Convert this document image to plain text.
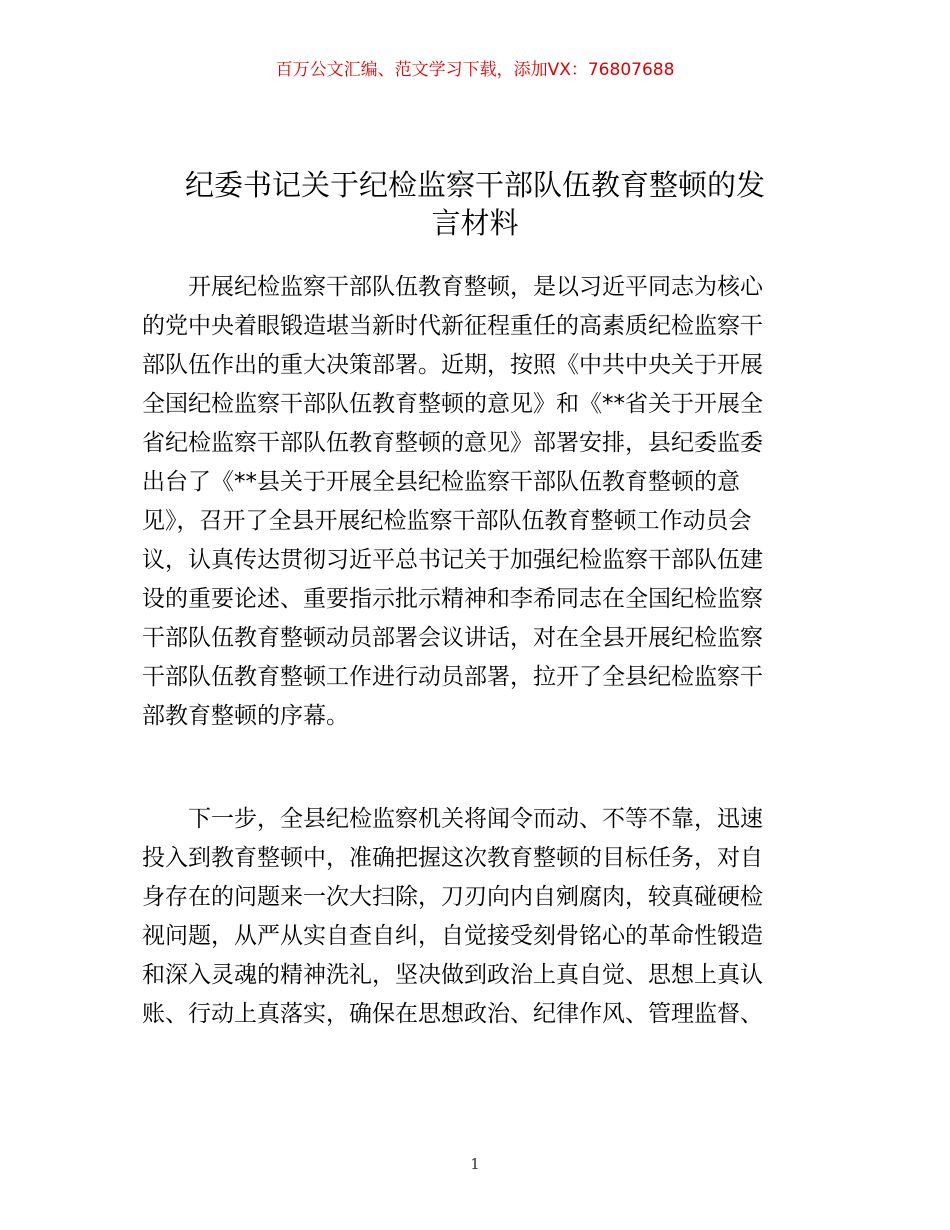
百万公文汇编、范文学习下载，添加VX：76807688
纪委书记关于纪检监察干部队伍教育整顿的发
言材料
　　开展纪检监察干部队伍教育整顿，是以习近平同志为核心
的党中央着眼锻造堪当新时代新征程重任的高素质纪检监察干
部队伍作出的重大决策部署。近期，按照《中共中央关于开展
全国纪检监察干部队伍教育整顿的意见》和《**省关于开展全
省纪检监察干部队伍教育整顿的意见》部署安排，县纪委监委
出台了《**县关于开展全县纪检监察干部队伍教育整顿的意
见》，召开了全县开展纪检监察干部队伍教育整顿工作动员会
议，认真传达贯彻习近平总书记关于加强纪检监察干部队伍建
设的重要论述、重要指示批示精神和李希同志在全国纪检监察
干部队伍教育整顿动员部署会议讲话，对在全县开展纪检监察
干部队伍教育整顿工作进行动员部署，拉开了全县纪检监察干
部教育整顿的序幕。
　　下一步，全县纪检监察机关将闻令而动、不等不靠，迅速
投入到教育整顿中，准确把握这次教育整顿的目标任务，对自
身存在的问题来一次大扫除，刀刃向内自剜腐肉，较真碰硬检
视问题，从严从实自查自纠，自觉接受刻骨铭心的革命性锻造
和深入灵魂的精神洗礼，坚决做到政治上真自觉、思想上真认
账、行动上真落实，确保在思想政治、纪律作风、管理监督、
1
